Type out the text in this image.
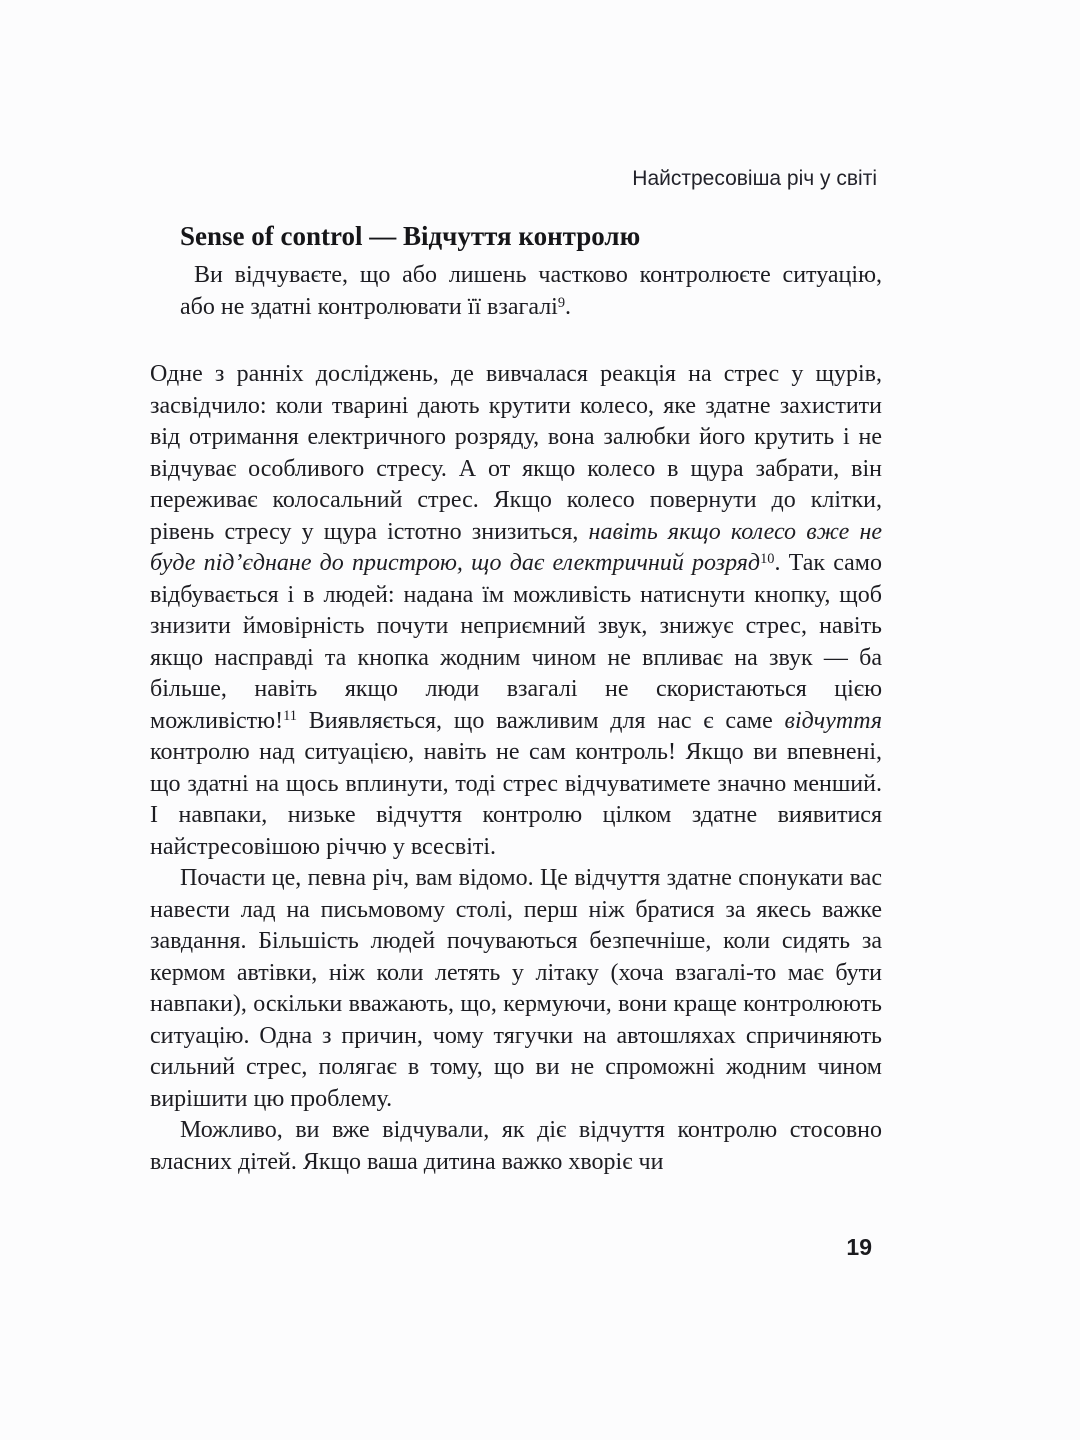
Найстресовіша річ у світі
Sense of control — Відчуття контролю

Ви відчуваєте, що або лишень частково контролюєте ситуацію, або не здатні контролювати її взагалі$^9$.

Одне з ранніх досліджень, де вивчалася реакція на стрес у щурів, засвідчило: коли тварині дають крутити колесо, яке здатне захистити від отримання електричного розряду, вона залюбки його крутить і не відчуває особливого стресу. А от якщо колесо в щура забрати, він переживає колосальний стрес. Якщо колесо повернути до клітки, рівень стресу у щура істотно знизиться, навіть якщо колесо вже не буде під’єднане до пристрою, що дає електричний розряд$^{10}$. Так само відбувається і в людей: надана їм можливість натиснути кнопку, щоб знизити ймовірність почути неприємний звук, знижує стрес, навіть якщо насправді та кнопка жодним чином не впливає на звук — ба більше, навіть якщо люди взагалі не скористаються цією можливістю!$^{11}$ Виявляється, що важливим для нас є саме відчуття контролю над ситуацією, навіть не сам контроль! Якщо ви впевнені, що здатні на щось вплинути, тоді стрес відчуватимете значно менший. І навпаки, низьке відчуття контролю цілком здатне виявитися найстресовішою річчю у всесвіті.

Почасти це, певна річ, вам відомо. Це відчуття здатне спонукати вас навести лад на письмовому столі, перш ніж братися за якесь важке завдання. Більшість людей почуваються безпечніше, коли сидять за кермом автівки, ніж коли летять у літаку (хоча взагалі-то має бути навпаки), оскільки вважають, що, кермуючи, вони краще контролюють ситуацію. Одна з причин, чому тягучки на автошляхах спричиняють сильний стрес, полягає в тому, що ви не спроможні жодним чином вирішити цю проблему.

Можливо, ви вже відчували, як діє відчуття контролю стосовно власних дітей. Якщо ваша дитина важко хворіє чи

19
